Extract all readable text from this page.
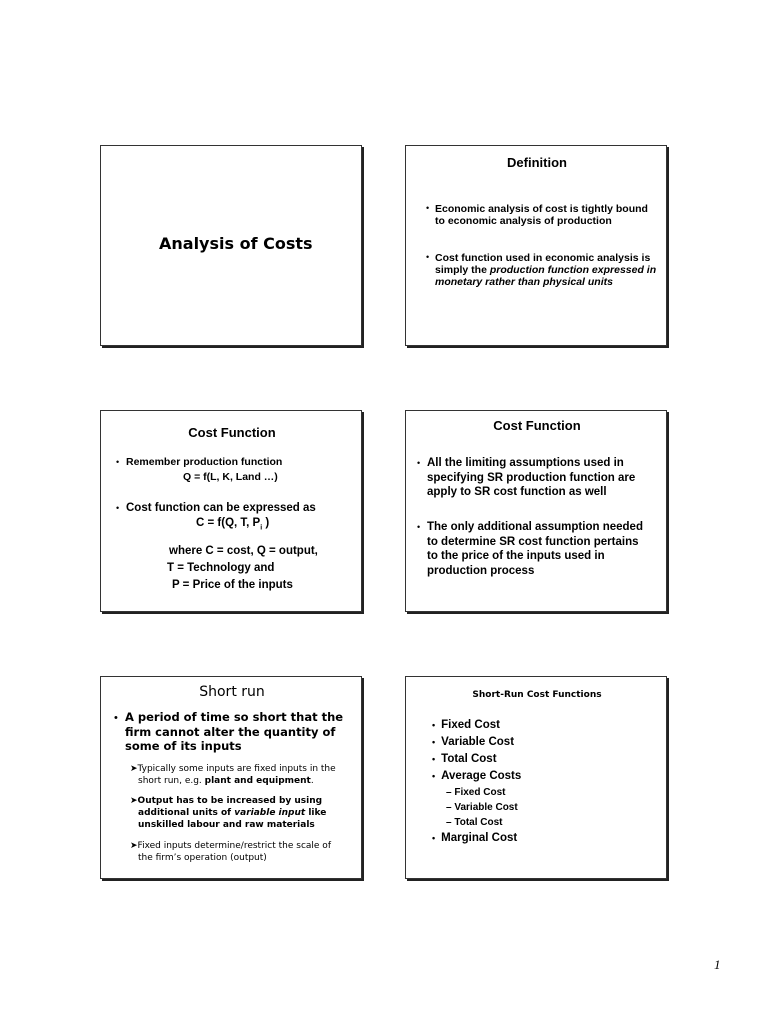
Analysis of Costs
Definition
• Economic analysis of cost is tightly bound
to economic analysis of production
• Cost function used in economic analysis is
simply the production function expressed in
monetary rather than physical units
Cost Function
• Remember production function
Q = f(L, K, Land …)
• Cost function can be expressed as
C = f(Q, T, $P_i$ )
where C = cost, Q = output,
T = Technology and
P = Price of the inputs
Cost Function
• All the limiting assumptions used in
specifying SR production function are
apply to SR cost function as well
• The only additional assumption needed
to determine SR cost function pertains
to the price of the inputs used in
production process
Short run
• A period of time so short that the
firm cannot alter the quantity of
some of its inputs
➤Typically some inputs are fixed inputs in the
short run, e.g. plant and equipment.
➤Output has to be increased by using
additional units of variable input like
unskilled labour and raw materials
➤Fixed inputs determine/restrict the scale of
the firm’s operation (output)
Short-Run Cost Functions
• Fixed Cost
• Variable Cost
• Total Cost
• Average Costs
– Fixed Cost
– Variable Cost
– Total Cost
• Marginal Cost
1
